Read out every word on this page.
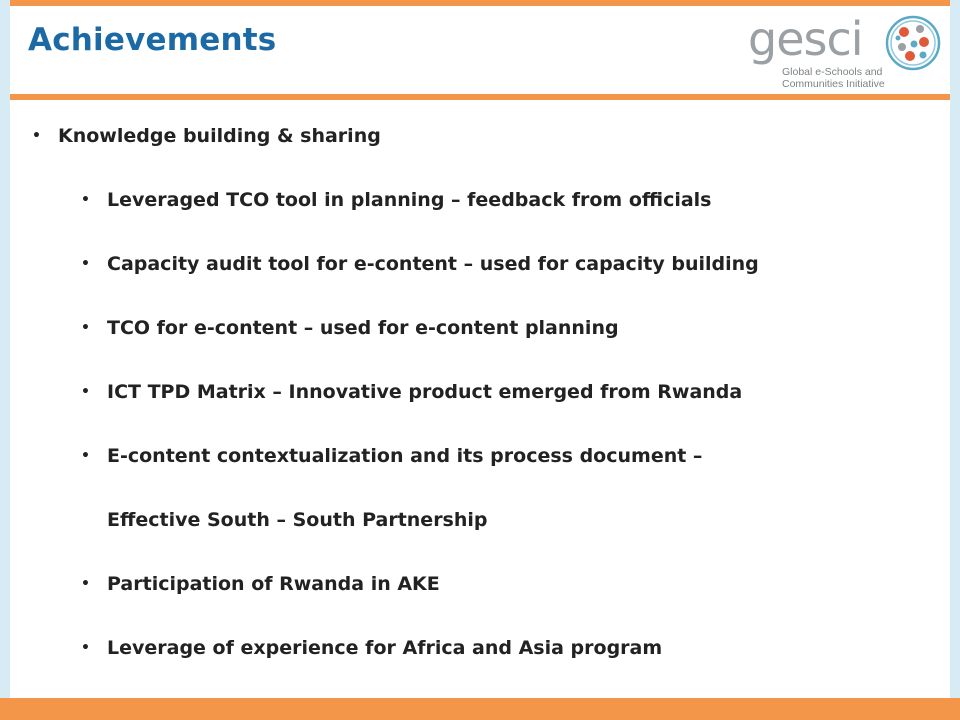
Achievements	gesci
Global e-Schools and
Communities Initiative
• Knowledge building & sharing
• Leveraged TCO tool in planning – feedback from officials
• Capacity audit tool for e-content – used for capacity building
• TCO for e-content – used for e-content planning
• ICT TPD Matrix – Innovative product emerged from Rwanda
• E-content contextualization and its process document –
Effective South – South Partnership
• Participation of Rwanda in AKE
• Leverage of experience for Africa and Asia program
